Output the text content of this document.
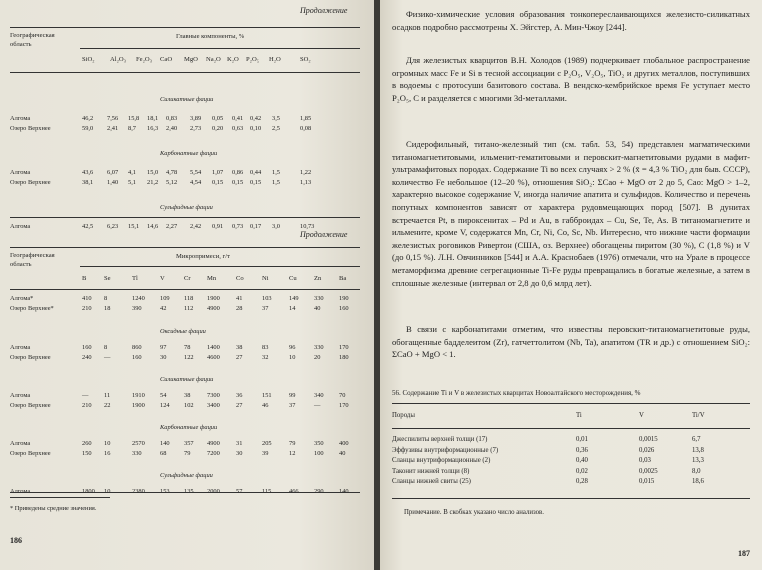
Физико-химические условия образования тонкопереслаивающихся железисто-силикатных осадков подробно рассмотрены Х. Эйгстер, А. Мин-Чжоу [244].
Для железистых кварцитов В.Н. Холодов (1989) подчеркивает глобальное распространение огромных масс Fe и Si в тесной ассоциации с P₂O₅, V₂O₅, TiO₂ и других металлов, поступивших в водоемы с протосуши базитового состава. В вендско-кембрийское время Fe уступает место P₂O₅, C и разделяется с многими 3d-металлами.
Сидерофильный, титано-железный тип (см. табл. 53, 54) представлен магматическими титаномагнетитовыми, ильменит-гематитовыми и перовскит-магнетитовыми рудами в мафит-ультрамафитовых породах. Содержание Ti во всех случаях > 2 % (x̄ = 4,3 % TiO₂ для быв. СССР), количество Fe небольшое (12–20 %), отношения SiO₂: ΣCao + MgO от 2 до 5, Cao: MgO > 1–2, характерно высокое содержание V, иногда наличие апатита и сульфидов. Количество и перечень попутных компонентов зависят от характера рудовмещающих пород [507]. В дунитах встречается Pt, в пироксенитах – Pd и Au, в габброидах – Cu, Se, Te, As. В титаномагнетите и ильмените, кроме V, содержатся Mn, Cr, Ni, Co, Sc, Nb. Интересно, что нижние части формации железистых роговиков Ривертон (США, оз. Верхнее) обогащены пиритом (30 %), C (1,8 %) и V (до 0,15 %). Л.Н. Овчинников [544] и А.А. Краснобаев (1976) отмечали, что на Урале в процессе метаморфизма древние сегрегационные Ti-Fe руды превращались в богатые железные, а затем в сплошные железные (интервал от 2,8 до 0,6 млрд лет).
В связи с карбонатитами отметим, что известны перовскит-титаномагнетитовые руды, обогащенные бадделеитом (Zr), гатчеттолитом (Nb, Ta), апатитом (TR и др.) с отношением SiO₂: ΣCaO + MgO < 1.
56. Содержание Ti и V в железистых кварцитах Новоалтайского месторождения, %
Породы	Ti	V	Ti/V
Джеспилиты верхней толщи (17)	0,01	0,0015	6,7
Эффузивы внутриформационные (7)	0,36	0,026	13,8
Сланцы внутриформационные (2)	0,40	0,03	13,3
Таконит нижней толщи (8)	0,02	0,0025	8,0
Сланцы нижней свиты (25)	0,28	0,015	18,6
Примечание. В скобках указано число анализов.
187
Продолжение
Географическая
область
Главные компоненты, %
SiO₂ Al₂O₃ Fe₂O₃ CaO MgO Na₂O K₂O P₂O₅ H₂O	SO₂
Силикатные фации
Алгома	46,2 7,56 15,8 18,1 0,83 3,89 0,05 0,41 0,42 3,5	1,85
Озеро Верхнее	59,0 2,41 8,7 16,3 2,40 2,73 0,20 0,63 0,10 2,5	0,08
Карбонатные фации
Алгома	43,6 6,07 4,1 15,0 4,78 5,54 1,07 0,86 0,44 1,5	1,22
Озеро Верхнее	38,1 1,40 5,1 21,2 5,12 4,54 0,15 0,15 0,15 1,5	1,13
Сульфидные фации
Алгома	42,5 6,23 15,1 14,6 2,27 2,42 0,91 0,73 0,17 3,0	10,73
Продолжение
Географическая
область
Микропримеси, г/т
B	Se	Tl	V	Cr Mn	Co	Ni	Cu	Zn	Ba
Алгома*	410 8	1240 109 118 1900	41	103	149 330 190
Озеро Верхнее*	210 18	390	42	112 4900	28	37	14	40	160
Оксидные фации
Алгома	160 8	860	97	78	1400	38	83	96	330 170
Озеро Верхнее	240 —	160	30	122 4600	27	32	10	20	180
Силикатные фации
Алгома	— 11	1910 54	38	7300	36	151	99	340 70
Озеро Верхнее	210 22	1900 124 102 3400	27	46	37	—	170
Карбонатные фации
Алгома	260 10	2570 140 357 4900	31	205	79	350 400
Озеро Верхнее	150 16	330	68	79	7200	30	39	12	100 40
Сульфидные фации
Алгома	1800 10	2380 153 135 2000	57	115	466 290 140
* Приведены средние значения.
186
